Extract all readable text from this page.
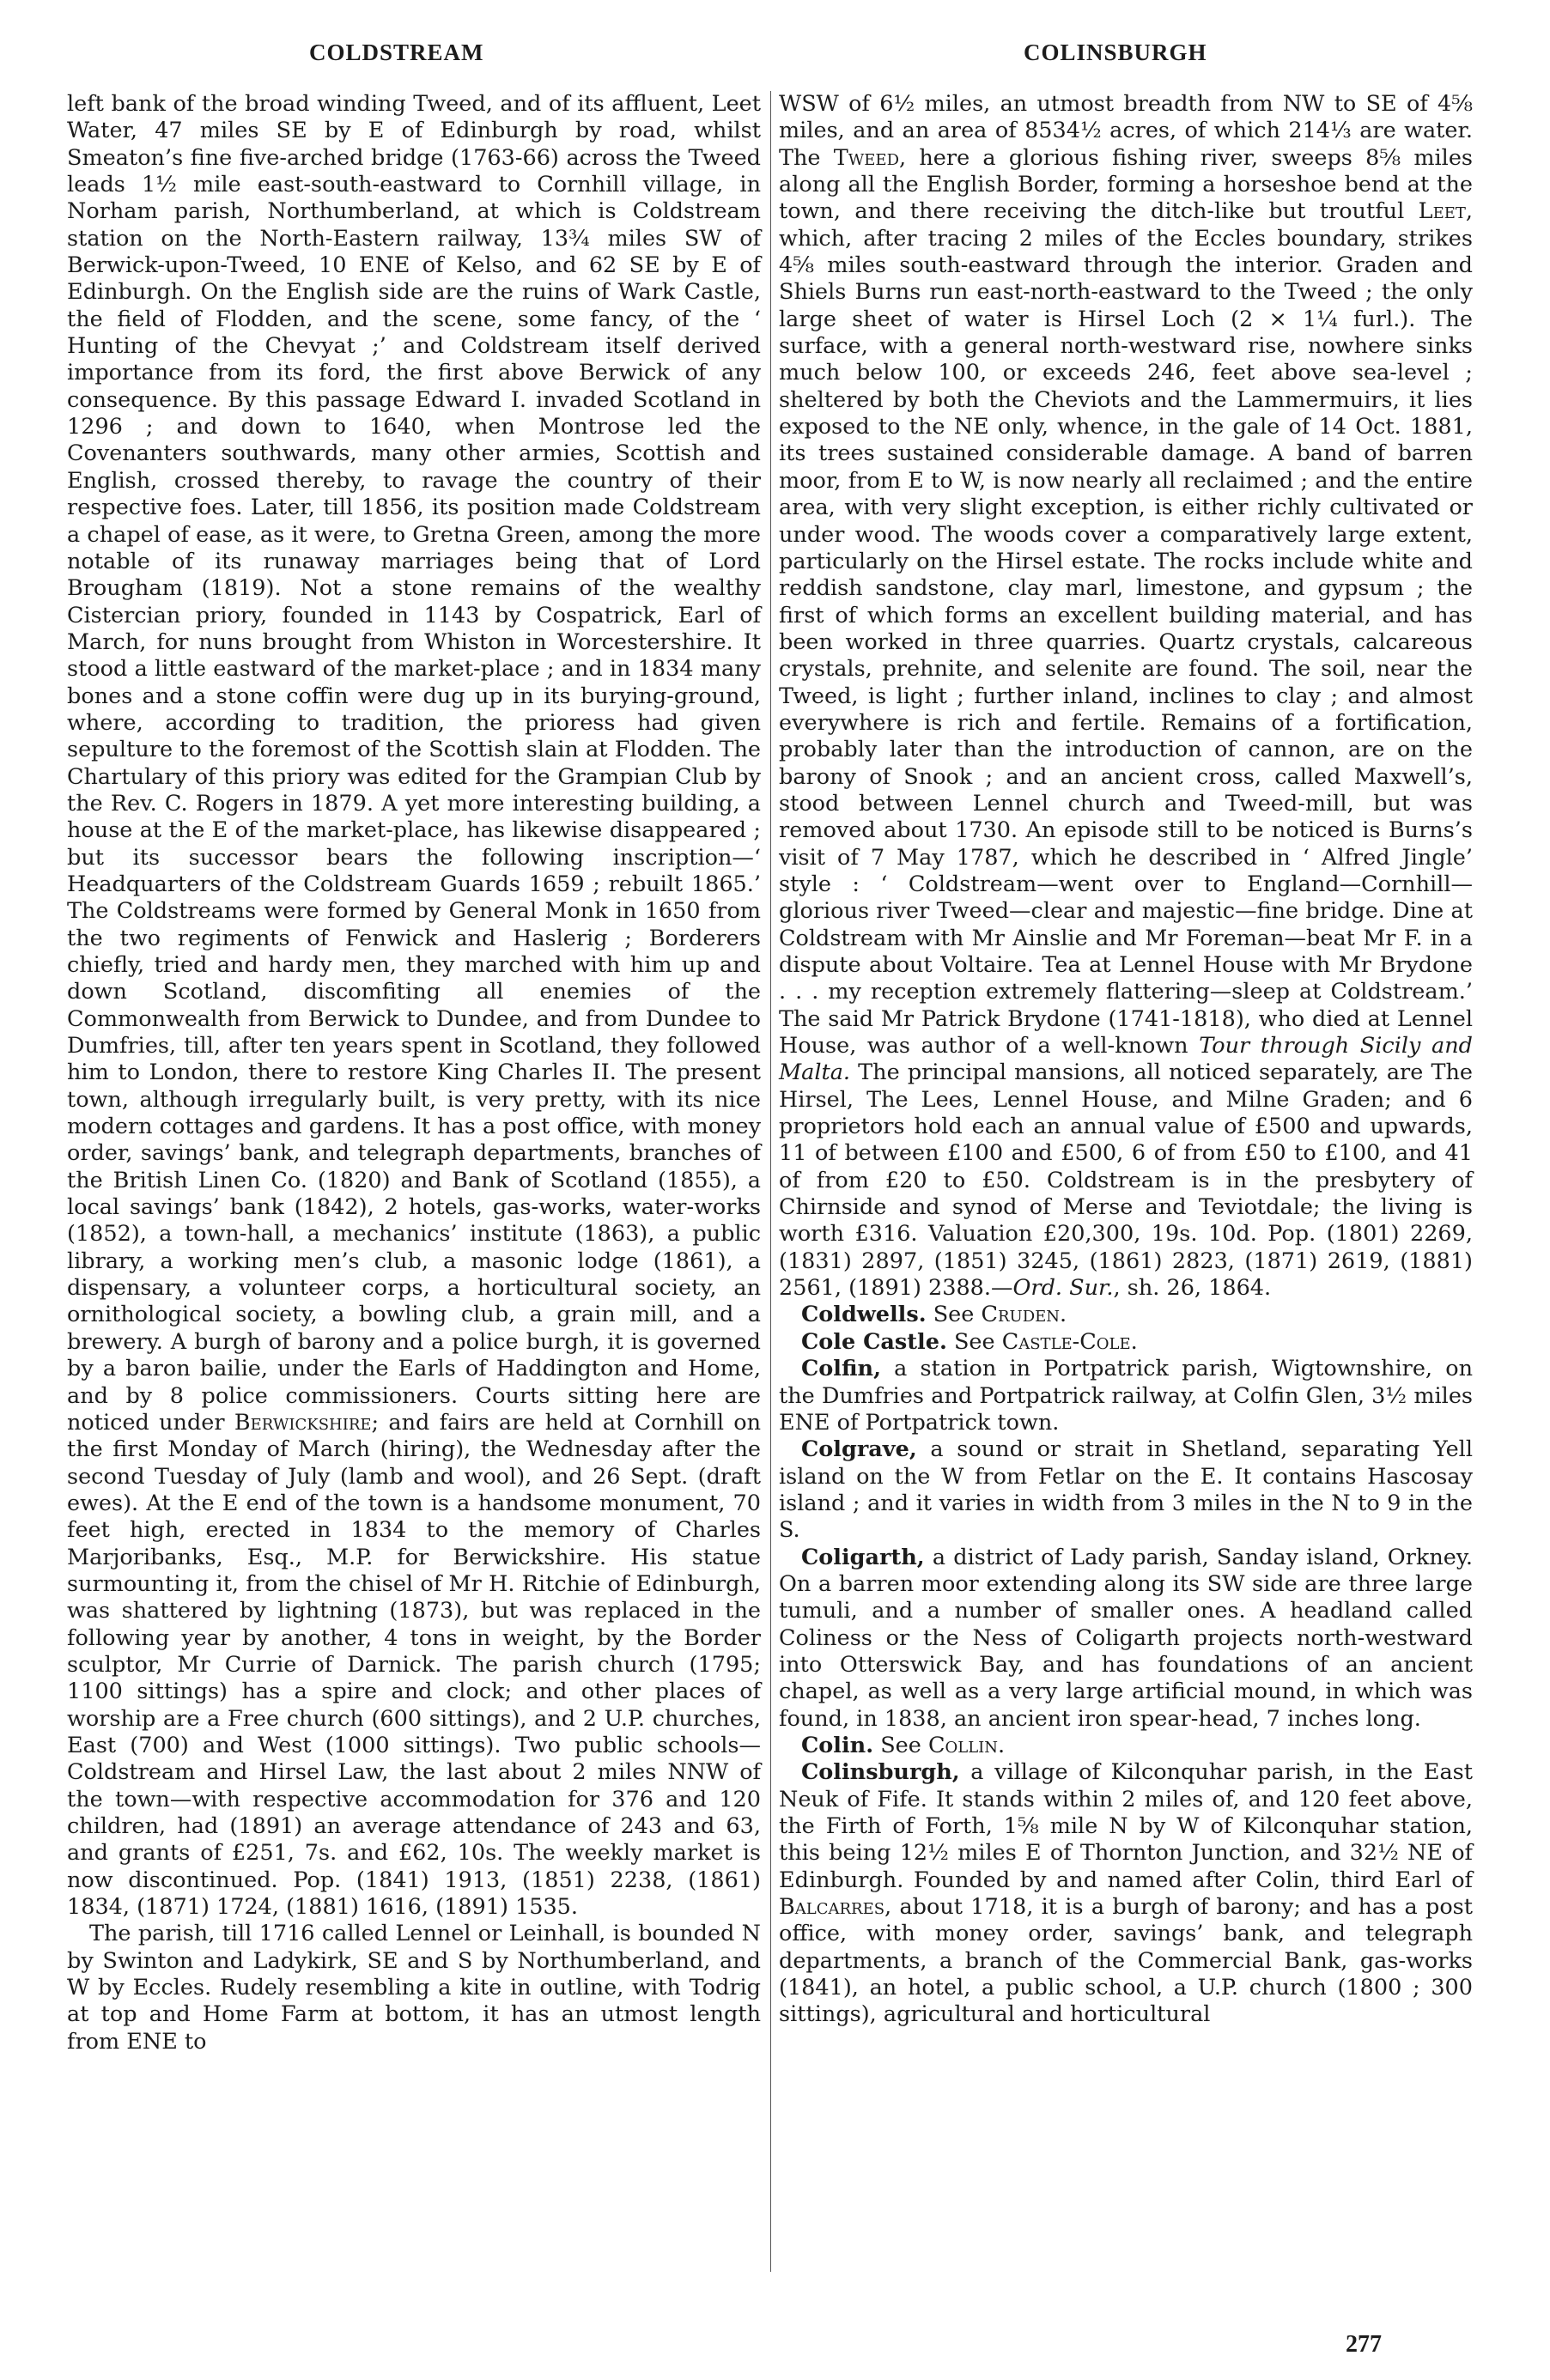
COLDSTREAM	COLINSBURGH

left bank of the broad winding Tweed, and of its affluent, Leet Water, 47 miles SE by E of Edinburgh by road, whilst Smeaton’s fine five-arched bridge (1763-66) across the Tweed leads 1½ mile east-south-eastward to Cornhill village, in Norham parish, Northumberland, at which is Coldstream station on the North-Eastern railway, 13¾ miles SW of Berwick-upon-Tweed, 10 ENE of Kelso, and 62 SE by E of Edinburgh. On the English side are the ruins of Wark Castle, the field of Flodden, and the scene, some fancy, of the ‘ Hunting of the Chevyat ;’ and Coldstream itself derived importance from its ford, the first above Berwick of any consequence. By this passage Edward I. invaded Scotland in 1296 ; and down to 1640, when Montrose led the Covenanters southwards, many other armies, Scottish and English, crossed thereby, to ravage the country of their respective foes. Later, till 1856, its position made Coldstream a chapel of ease, as it were, to Gretna Green, among the more notable of its runaway marriages being that of Lord Brougham (1819). Not a stone remains of the wealthy Cistercian priory, founded in 1143 by Cospatrick, Earl of March, for nuns brought from Whiston in Worcestershire. It stood a little eastward of the market-place ; and in 1834 many bones and a stone coffin were dug up in its burying-ground, where, according to tradition, the prioress had given sepulture to the foremost of the Scottish slain at Flodden. The Chartulary of this priory was edited for the Grampian Club by the Rev. C. Rogers in 1879. A yet more interesting building, a house at the E of the market-place, has likewise disappeared ; but its successor bears the following inscription—‘ Headquarters of the Coldstream Guards 1659 ; rebuilt 1865.’ The Coldstreams were formed by General Monk in 1650 from the two regiments of Fenwick and Haslerig ; Borderers chiefly, tried and hardy men, they marched with him up and down Scotland, discomfiting all enemies of the Commonwealth from Berwick to Dundee, and from Dundee to Dumfries, till, after ten years spent in Scotland, they followed him to London, there to restore King Charles II. The present town, although irregularly built, is very pretty, with its nice modern cottages and gardens. It has a post office, with money order, savings’ bank, and telegraph departments, branches of the British Linen Co. (1820) and Bank of Scotland (1855), a local savings’ bank (1842), 2 hotels, gas-works, water-works (1852), a town-hall, a mechanics’ institute (1863), a public library, a working men’s club, a masonic lodge (1861), a dispensary, a volunteer corps, a horticultural society, an ornithological society, a bowling club, a grain mill, and a brewery. A burgh of barony and a police burgh, it is governed by a baron bailie, under the Earls of Haddington and Home, and by 8 police commissioners. Courts sitting here are noticed under Berwickshire; and fairs are held at Cornhill on the first Monday of March (hiring), the Wednesday after the second Tuesday of July (lamb and wool), and 26 Sept. (draft ewes). At the E end of the town is a handsome monument, 70 feet high, erected in 1834 to the memory of Charles Marjoribanks, Esq., M.P. for Berwickshire. His statue surmounting it, from the chisel of Mr H. Ritchie of Edinburgh, was shattered by lightning (1873), but was replaced in the following year by another, 4 tons in weight, by the Border sculptor, Mr Currie of Darnick. The parish church (1795; 1100 sittings) has a spire and clock; and other places of worship are a Free church (600 sittings), and 2 U.P. churches, East (700) and West (1000 sittings). Two public schools—Coldstream and Hirsel Law, the last about 2 miles NNW of the town—with respective accommodation for 376 and 120 children, had (1891) an average attendance of 243 and 63, and grants of £251, 7s. and £62, 10s. The weekly market is now discontinued. Pop. (1841) 1913, (1851) 2238, (1861) 1834, (1871) 1724, (1881) 1616, (1891) 1535.

The parish, till 1716 called Lennel or Leinhall, is bounded N by Swinton and Ladykirk, SE and S by Northumberland, and W by Eccles. Rudely resembling a kite in outline, with Todrig at top and Home Farm at bottom, it has an utmost length from ENE to

WSW of 6½ miles, an utmost breadth from NW to SE of 4⅝ miles, and an area of 8534½ acres, of which 214⅓ are water. The Tweed, here a glorious fishing river, sweeps 8⅝ miles along all the English Border, forming a horseshoe bend at the town, and there receiving the ditch-like but troutful Leet, which, after tracing 2 miles of the Eccles boundary, strikes 4⅝ miles south-eastward through the interior. Graden and Shiels Burns run east-north-eastward to the Tweed ; the only large sheet of water is Hirsel Loch (2 × 1¼ furl.). The surface, with a general north-westward rise, nowhere sinks much below 100, or exceeds 246, feet above sea-level ; sheltered by both the Cheviots and the Lammermuirs, it lies exposed to the NE only, whence, in the gale of 14 Oct. 1881, its trees sustained considerable damage. A band of barren moor, from E to W, is now nearly all reclaimed ; and the entire area, with very slight exception, is either richly cultivated or under wood. The woods cover a comparatively large extent, particularly on the Hirsel estate. The rocks include white and reddish sandstone, clay marl, limestone, and gypsum ; the first of which forms an excellent building material, and has been worked in three quarries. Quartz crystals, calcareous crystals, prehnite, and selenite are found. The soil, near the Tweed, is light ; further inland, inclines to clay ; and almost everywhere is rich and fertile. Remains of a fortification, probably later than the introduction of cannon, are on the barony of Snook ; and an ancient cross, called Maxwell’s, stood between Lennel church and Tweed-mill, but was removed about 1730. An episode still to be noticed is Burns’s visit of 7 May 1787, which he described in ‘ Alfred Jingle’ style : ‘ Coldstream—went over to England—Cornhill—glorious river Tweed—clear and majestic—fine bridge. Dine at Coldstream with Mr Ainslie and Mr Foreman—beat Mr F. in a dispute about Voltaire. Tea at Lennel House with Mr Brydone . . . my reception extremely flattering—sleep at Coldstream.’ The said Mr Patrick Brydone (1741-1818), who died at Lennel House, was author of a well-known Tour through Sicily and Malta. The principal mansions, all noticed separately, are The Hirsel, The Lees, Lennel House, and Milne Graden; and 6 proprietors hold each an annual value of £500 and upwards, 11 of between £100 and £500, 6 of from £50 to £100, and 41 of from £20 to £50. Coldstream is in the presbytery of Chirnside and synod of Merse and Teviotdale; the living is worth £316. Valuation £20,300, 19s. 10d. Pop. (1801) 2269, (1831) 2897, (1851) 3245, (1861) 2823, (1871) 2619, (1881) 2561, (1891) 2388.—Ord. Sur., sh. 26, 1864.

Coldwells. See Cruden.

Cole Castle. See Castle-Cole.

Colfin, a station in Portpatrick parish, Wigtownshire, on the Dumfries and Portpatrick railway, at Colfin Glen, 3½ miles ENE of Portpatrick town.

Colgrave, a sound or strait in Shetland, separating Yell island on the W from Fetlar on the E. It contains Hascosay island ; and it varies in width from 3 miles in the N to 9 in the S.

Coligarth, a district of Lady parish, Sanday island, Orkney. On a barren moor extending along its SW side are three large tumuli, and a number of smaller ones. A headland called Coliness or the Ness of Coligarth projects north-westward into Otterswick Bay, and has foundations of an ancient chapel, as well as a very large artificial mound, in which was found, in 1838, an ancient iron spear-head, 7 inches long.

Colin. See Collin.

Colinsburgh, a village of Kilconquhar parish, in the East Neuk of Fife. It stands within 2 miles of, and 120 feet above, the Firth of Forth, 1⅝ mile N by W of Kilconquhar station, this being 12½ miles E of Thornton Junction, and 32½ NE of Edinburgh. Founded by and named after Colin, third Earl of Balcarres, about 1718, it is a burgh of barony; and has a post office, with money order, savings’ bank, and telegraph departments, a branch of the Commercial Bank, gas-works (1841), an hotel, a public school, a U.P. church (1800 ; 300 sittings), agricultural and horticultural

277
